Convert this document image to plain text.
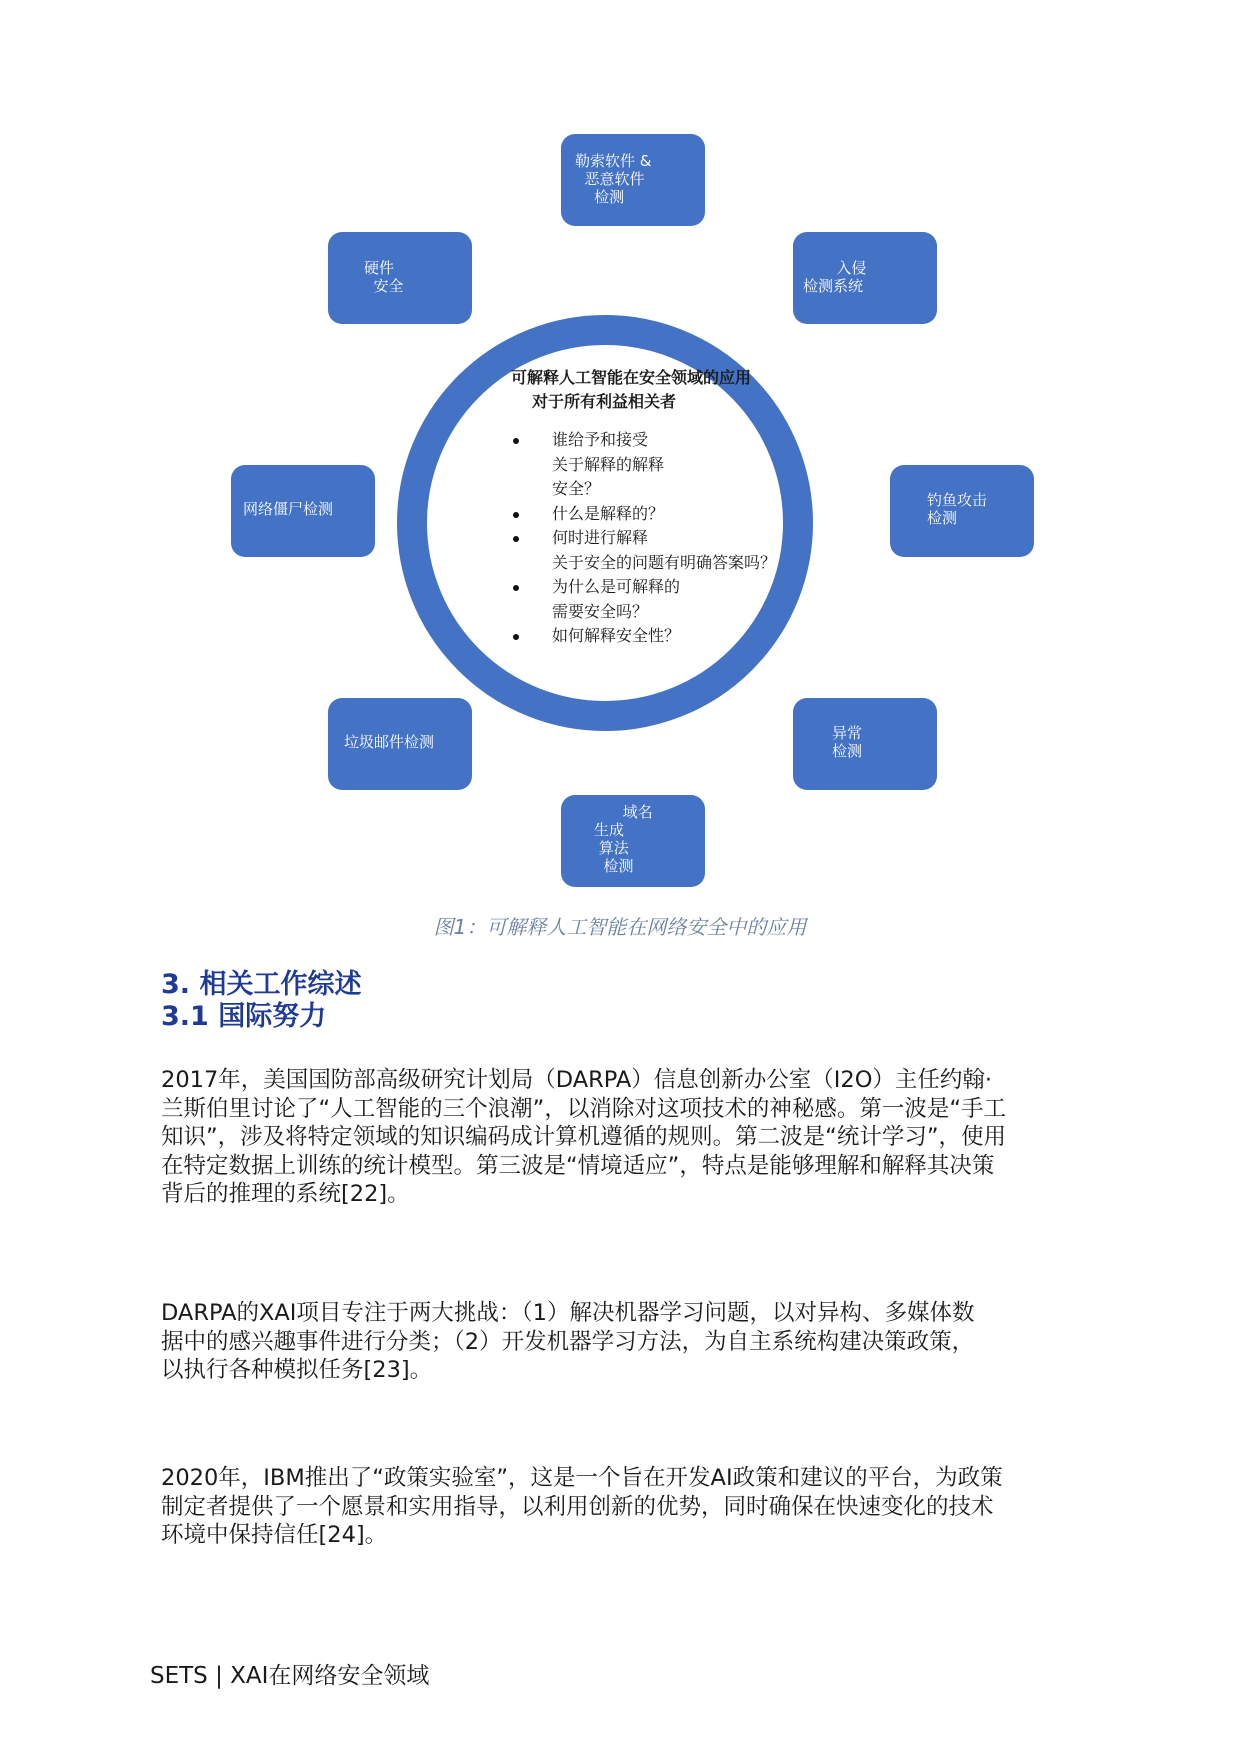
可解释人工智能在安全领域的应用
对于所有利益相关者
谁给予和接受
关于解释的解释
安全？
什么是解释的？
何时进行解释
关于安全的问题有明确答案吗？
为什么是可解释的
需要安全吗？
如何解释安全性？
勒索软件 &
恶意软件
检测
入侵
检测系统
钓鱼攻击
检测
异常
检测
域名
生成
算法
检测
垃圾邮件检测
网络僵尸检测
硬件
安全
图1：可解释人工智能在网络安全中的应用
3. 相关工作综述
3.1 国际努力
2017年，美国国防部高级研究计划局（DARPA）信息创新办公室（I2O）主任约翰·
兰斯伯里讨论了“人工智能的三个浪潮”，以消除对这项技术的神秘感。第一波是“手工
知识”，涉及将特定领域的知识编码成计算机遵循的规则。第二波是“统计学习”，使用
在特定数据上训练的统计模型。第三波是“情境适应”，特点是能够理解和解释其决策
背后的推理的系统[22]。
DARPA的XAI项目专注于两大挑战：（1）解决机器学习问题，以对异构、多媒体数
据中的感兴趣事件进行分类；（2）开发机器学习方法，为自主系统构建决策政策，
以执行各种模拟任务[23]。
2020年，IBM推出了“政策实验室”，这是一个旨在开发AI政策和建议的平台，为政策
制定者提供了一个愿景和实用指导，以利用创新的优势，同时确保在快速变化的技术
环境中保持信任[24]。
SETS | XAI在网络安全领域
